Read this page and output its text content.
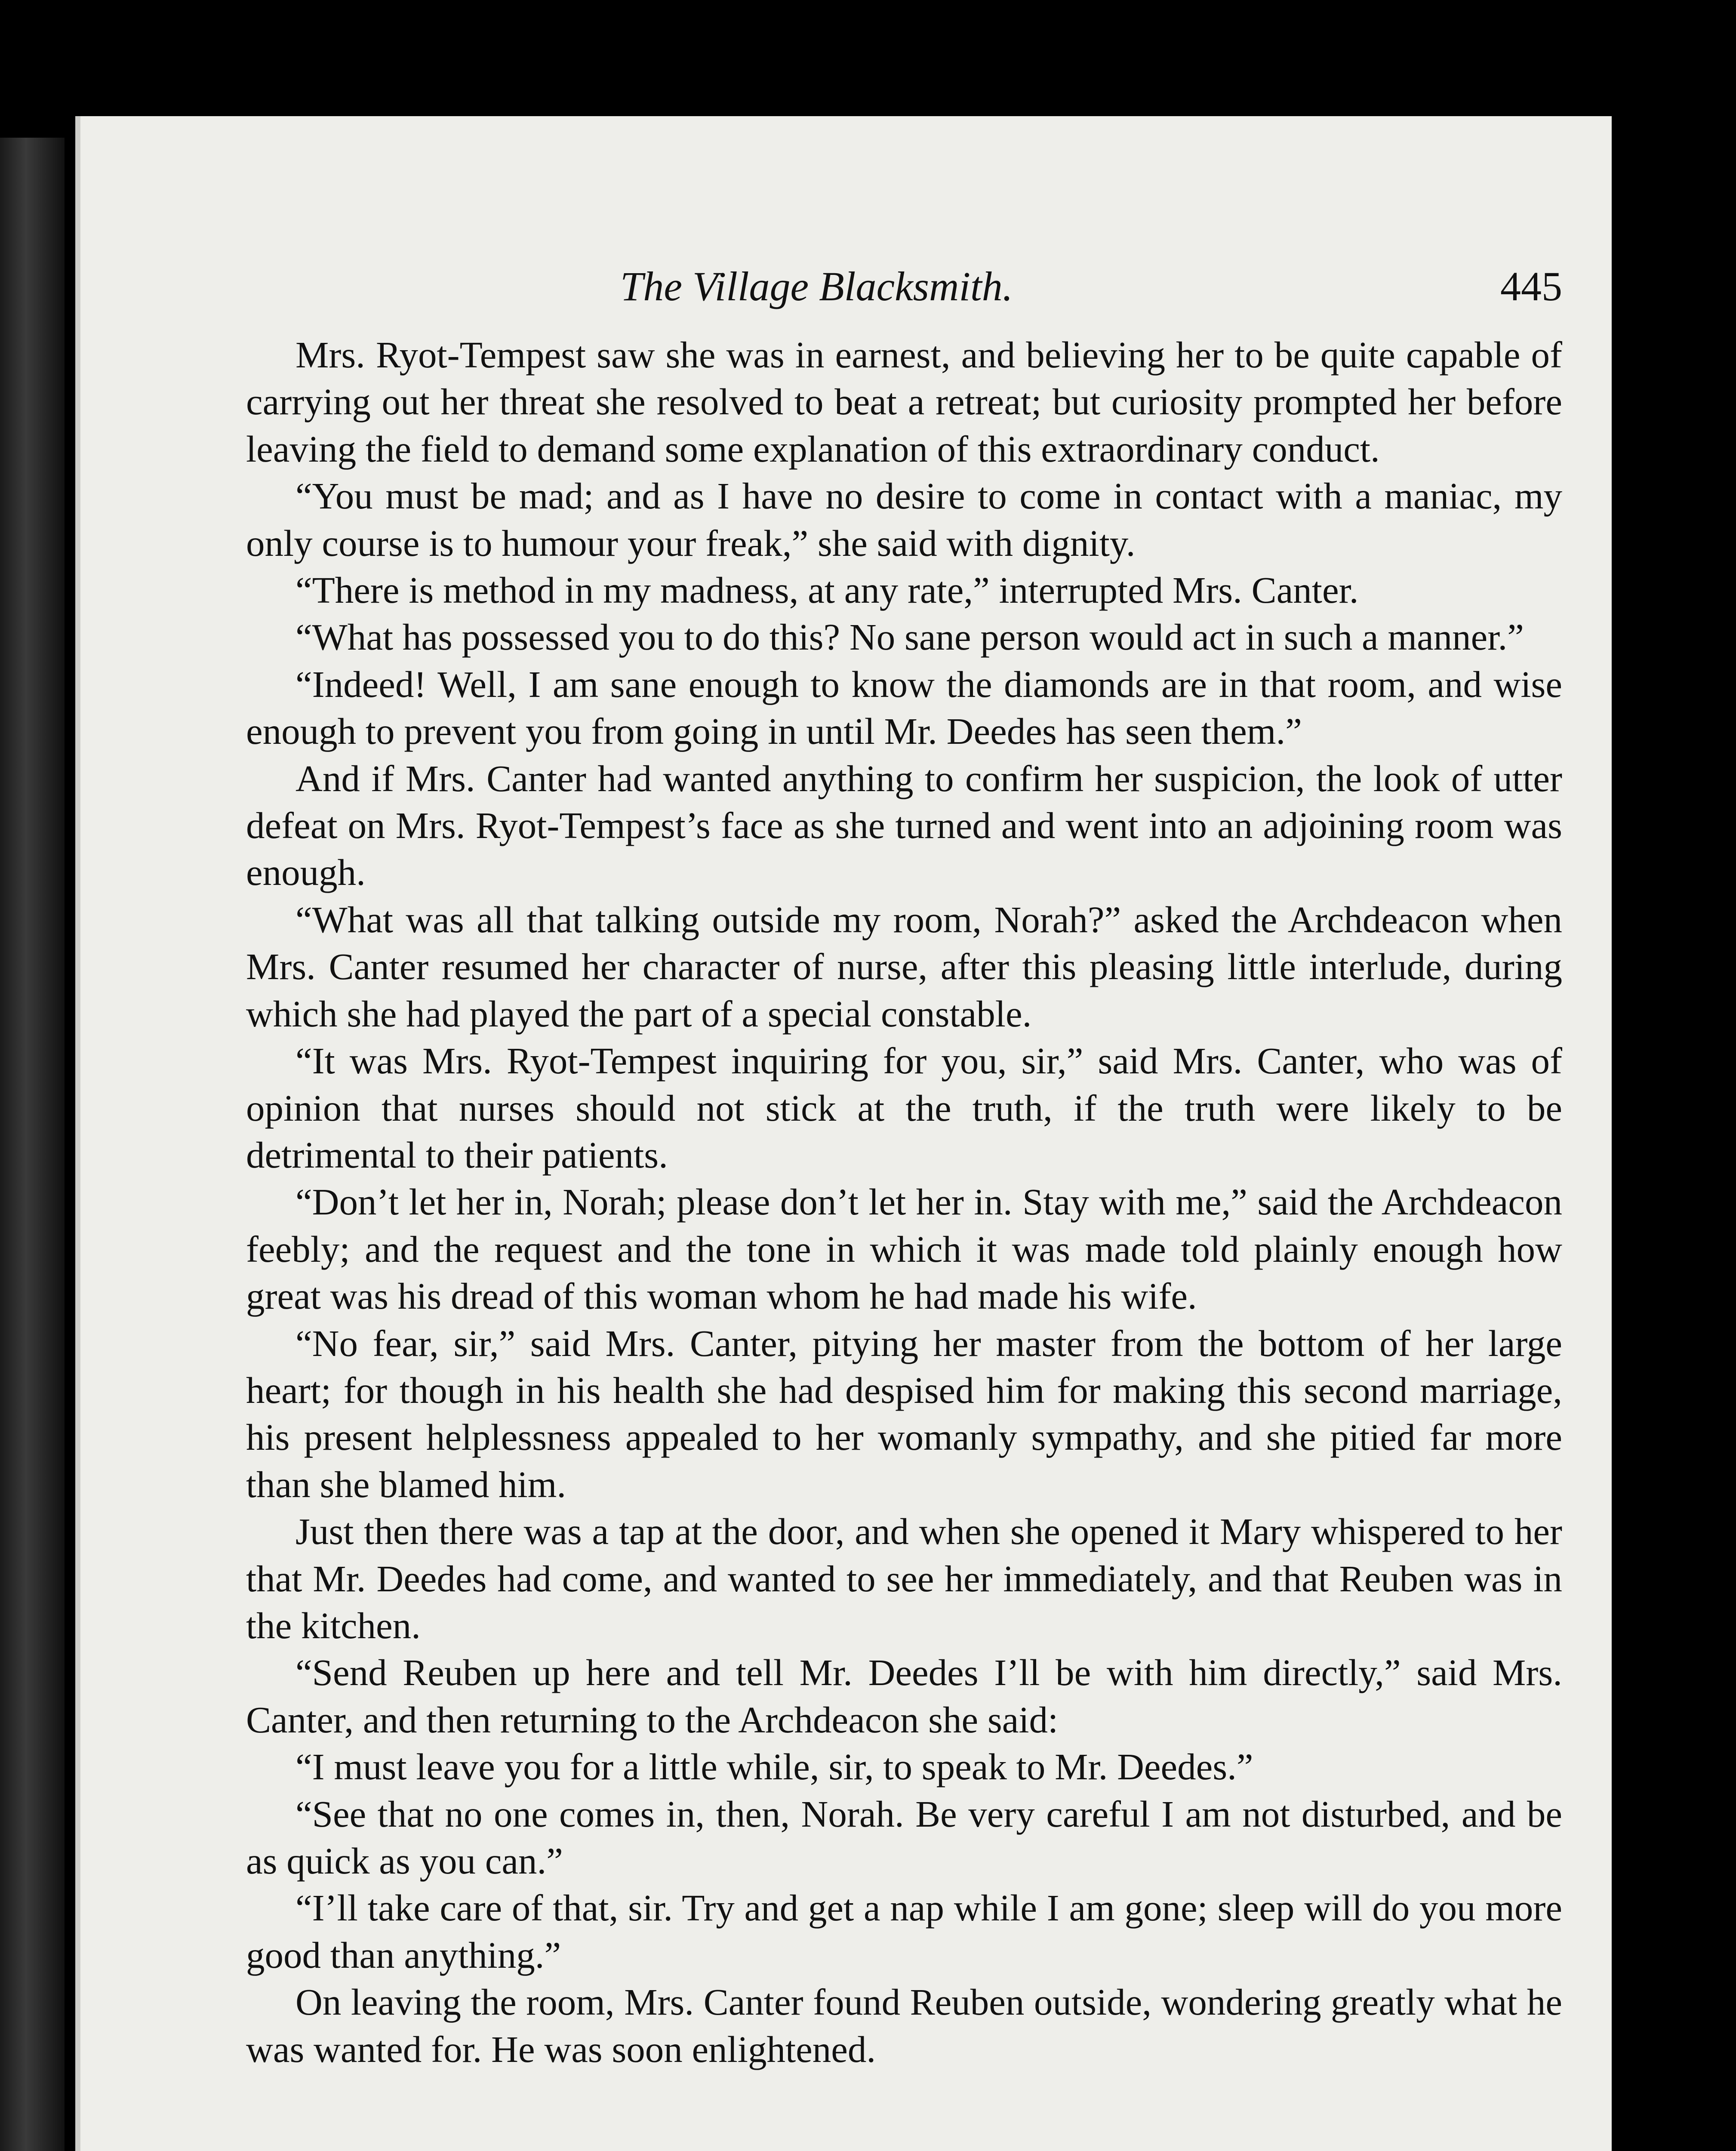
The Village Blacksmith.	445

Mrs. Ryot-Tempest saw she was in earnest, and believing her to be quite capable of carrying out her threat she resolved to beat a retreat; but curiosity prompted her before leaving the field to demand some explanation of this extraordinary conduct.

“You must be mad; and as I have no desire to come in contact with a maniac, my only course is to humour your freak,” she said with dignity.

“There is method in my madness, at any rate,” interrupted Mrs. Canter.

“What has possessed you to do this? No sane person would act in such a manner.”

“Indeed! Well, I am sane enough to know the diamonds are in that room, and wise enough to prevent you from going in until Mr. Deedes has seen them.”

And if Mrs. Canter had wanted anything to confirm her suspicion, the look of utter defeat on Mrs. Ryot-Tempest’s face as she turned and went into an adjoining room was enough.

“What was all that talking outside my room, Norah?” asked the Archdeacon when Mrs. Canter resumed her character of nurse, after this pleasing little interlude, during which she had played the part of a special constable.

“It was Mrs. Ryot-Tempest inquiring for you, sir,” said Mrs. Canter, who was of opinion that nurses should not stick at the truth, if the truth were likely to be detrimental to their patients.

“Don’t let her in, Norah; please don’t let her in. Stay with me,” said the Archdeacon feebly; and the request and the tone in which it was made told plainly enough how great was his dread of this woman whom he had made his wife.

“No fear, sir,” said Mrs. Canter, pitying her master from the bottom of her large heart; for though in his health she had despised him for making this second marriage, his present helplessness appealed to her womanly sympathy, and she pitied far more than she blamed him.

Just then there was a tap at the door, and when she opened it Mary whispered to her that Mr. Deedes had come, and wanted to see her immediately, and that Reuben was in the kitchen.

“Send Reuben up here and tell Mr. Deedes I’ll be with him directly,” said Mrs. Canter, and then returning to the Archdeacon she said:

“I must leave you for a little while, sir, to speak to Mr. Deedes.”

“See that no one comes in, then, Norah. Be very careful I am not disturbed, and be as quick as you can.”

“I’ll take care of that, sir. Try and get a nap while I am gone; sleep will do you more good than anything.”

On leaving the room, Mrs. Canter found Reuben outside, wondering greatly what he was wanted for. He was soon enlightened.
